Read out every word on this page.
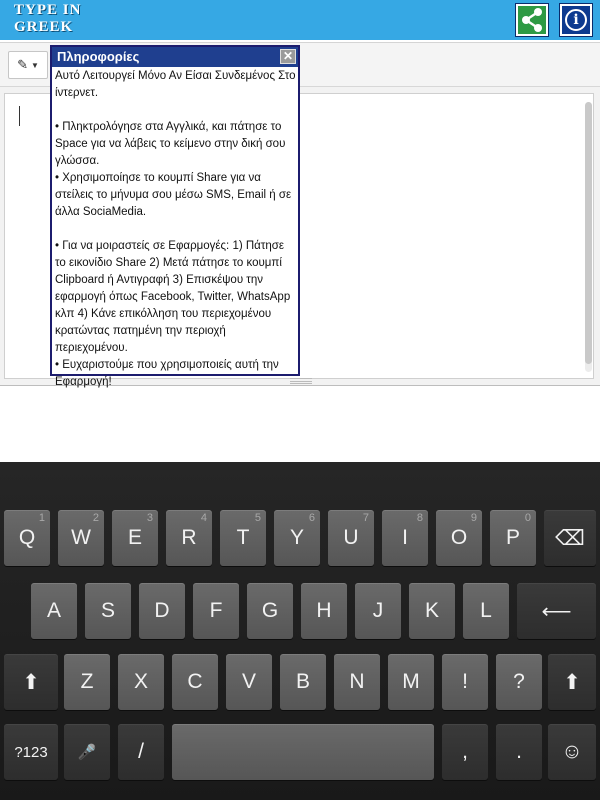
TYPE IN
GREEK	i
✎ ▼
Πληροφορίες	✕

Αυτό Λειτουργεί Μόνο Αν Είσαι Συνδεμένος Στο ίντερνετ.

• Πληκτρολόγησε στα Αγγλικά, και πάτησε το Space για να λάβεις το κείμενο στην δική σου γλώσσα.

• Χρησιμοποίησε το κουμπί Share για να στείλεις το μήνυμα σου μέσω SMS, Email ή σε άλλα SociaMedia.

• Για να μοιραστείς σε Εφαρμογές: 1) Πάτησε το εικονίδιο Share 2) Μετά πάτησε το κουμπί Clipboard ή Αντιγραφή 3) Επισκέψου την εφαρμογή όπως Facebook, Twitter, WhatsApp κλπ 4) Κάνε επικόλληση του περιεχομένου κρατώντας πατημένη την περιοχή περιεχομένου.

• Ευχαριστούμε που χρησιμοποιείς αυτή την Εφαρμογή!

1
Q
2
W
3
E
4
R
5
T
6
Y
7
U
8
I
9
O
0
P ⌫
A S D F G H J K L ⟵
⬆ Z X C V B N M ! ? ⬆
?123 🎤 /	, . ☺
